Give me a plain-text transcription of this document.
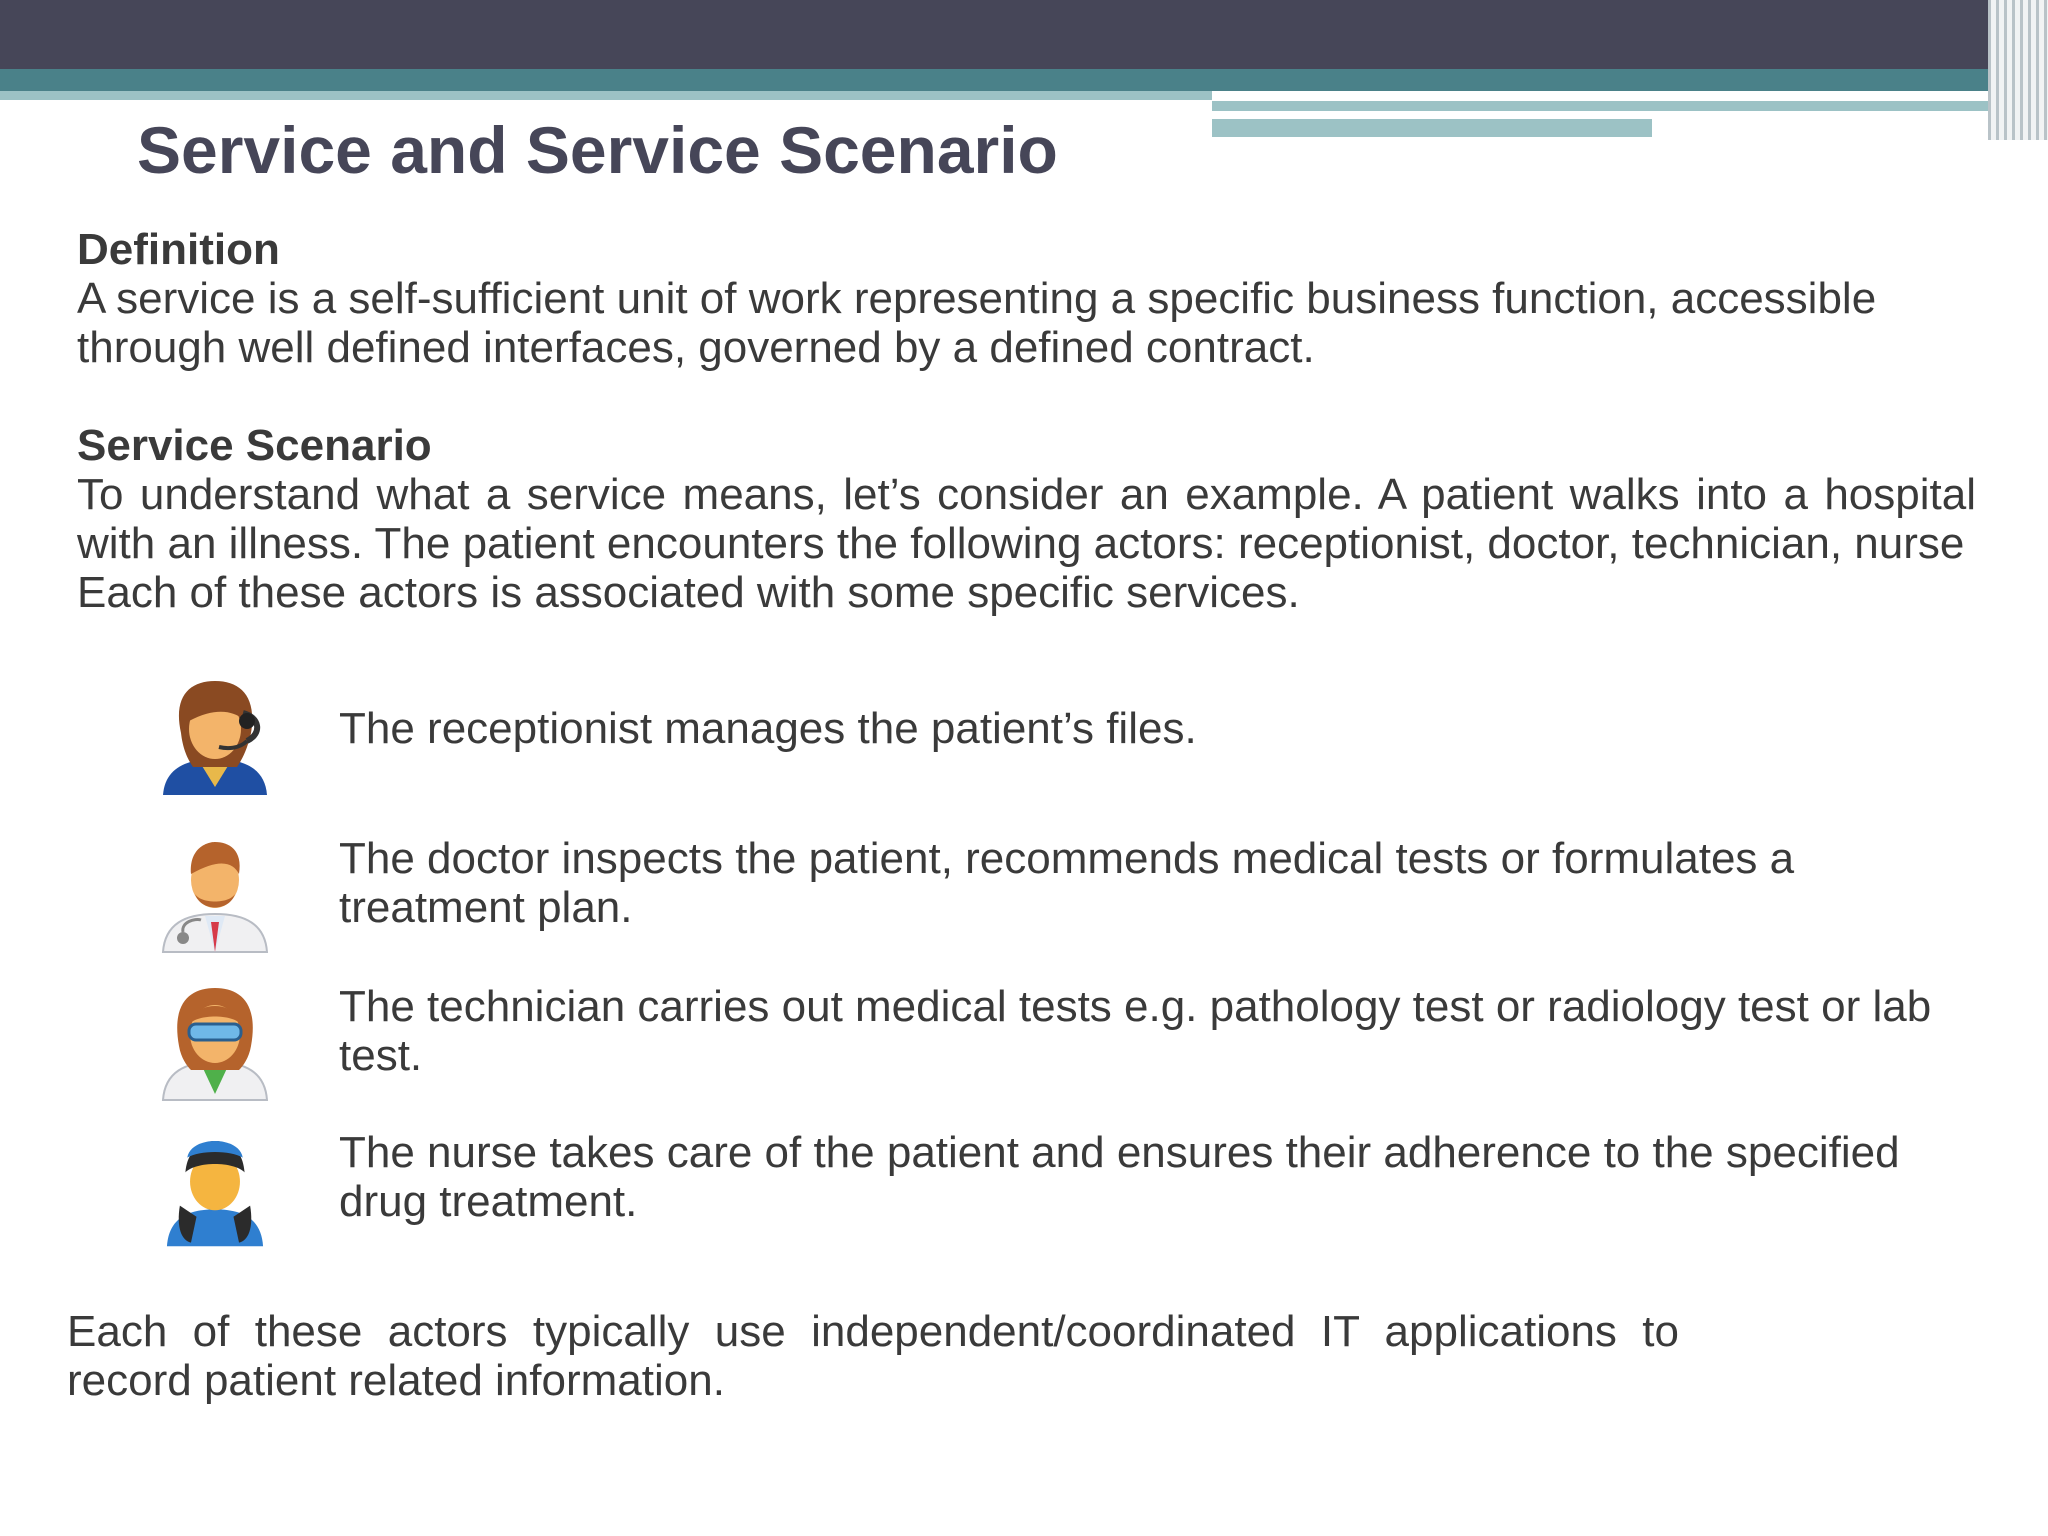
Service and Service Scenario
Definition
A service is a self-sufficient unit of work representing a specific business function, accessible through well defined interfaces, governed by a defined contract.
Service Scenario
To understand what a service means, let’s consider an example. A patient walks into a hospital with an illness. The patient encounters the following actors: receptionist, doctor, technician, nurse
Each of these actors is associated with some specific services.
The receptionist manages the patient’s files.
The doctor inspects the patient, recommends medical tests or formulates a treatment plan.
The technician carries out medical tests e.g. pathology test or radiology test or lab test.
The nurse takes care of the patient and ensures their adherence to the specified drug treatment.
Each of these actors typically use independent/coordinated IT applications to record patient related information.
